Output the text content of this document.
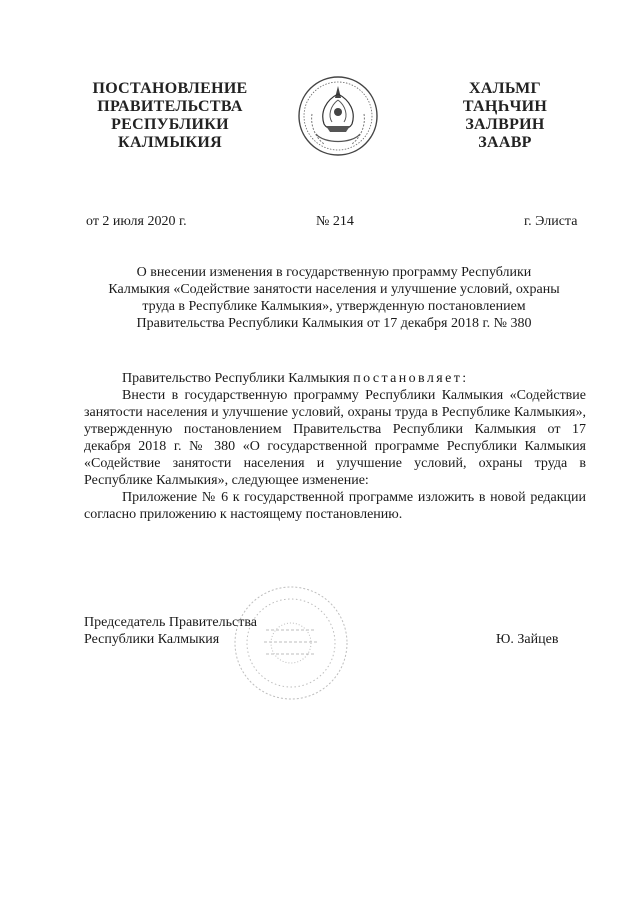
ПОСТАНОВЛЕНИЕ
ПРАВИТЕЛЬСТВА
РЕСПУБЛИКИ
КАЛМЫКИЯ
ХАЛЬМГ
ТАҢҺЧИН
ЗАЛВРИН
ЗААВР
от 2 июля 2020 г.	№ 214	г. Элиста
О внесении изменения в государственную программу Республики
Калмыкия «Содействие занятости населения и улучшение условий, охраны
труда в Республике Калмыкия», утвержденную постановлением
Правительства Республики Калмыкия от 17 декабря 2018 г. № 380

Правительство Республики Калмыкия постановляет:

Внести в государственную программу Республики Калмыкия «Содействие занятости населения и улучшение условий, охраны труда в Республике Калмыкия», утвержденную постановлением Правительства Республики Калмыкия от 17 декабря 2018 г. № 380 «О государственной программе Республики Калмыкия «Содействие занятости населения и улучшение условий, охраны труда в Республике Калмыкия», следующее изменение:

Приложение № 6 к государственной программе изложить в новой редакции согласно приложению к настоящему постановлению.

Председатель Правительства
Республики Калмыкия	Ю. Зайцев
